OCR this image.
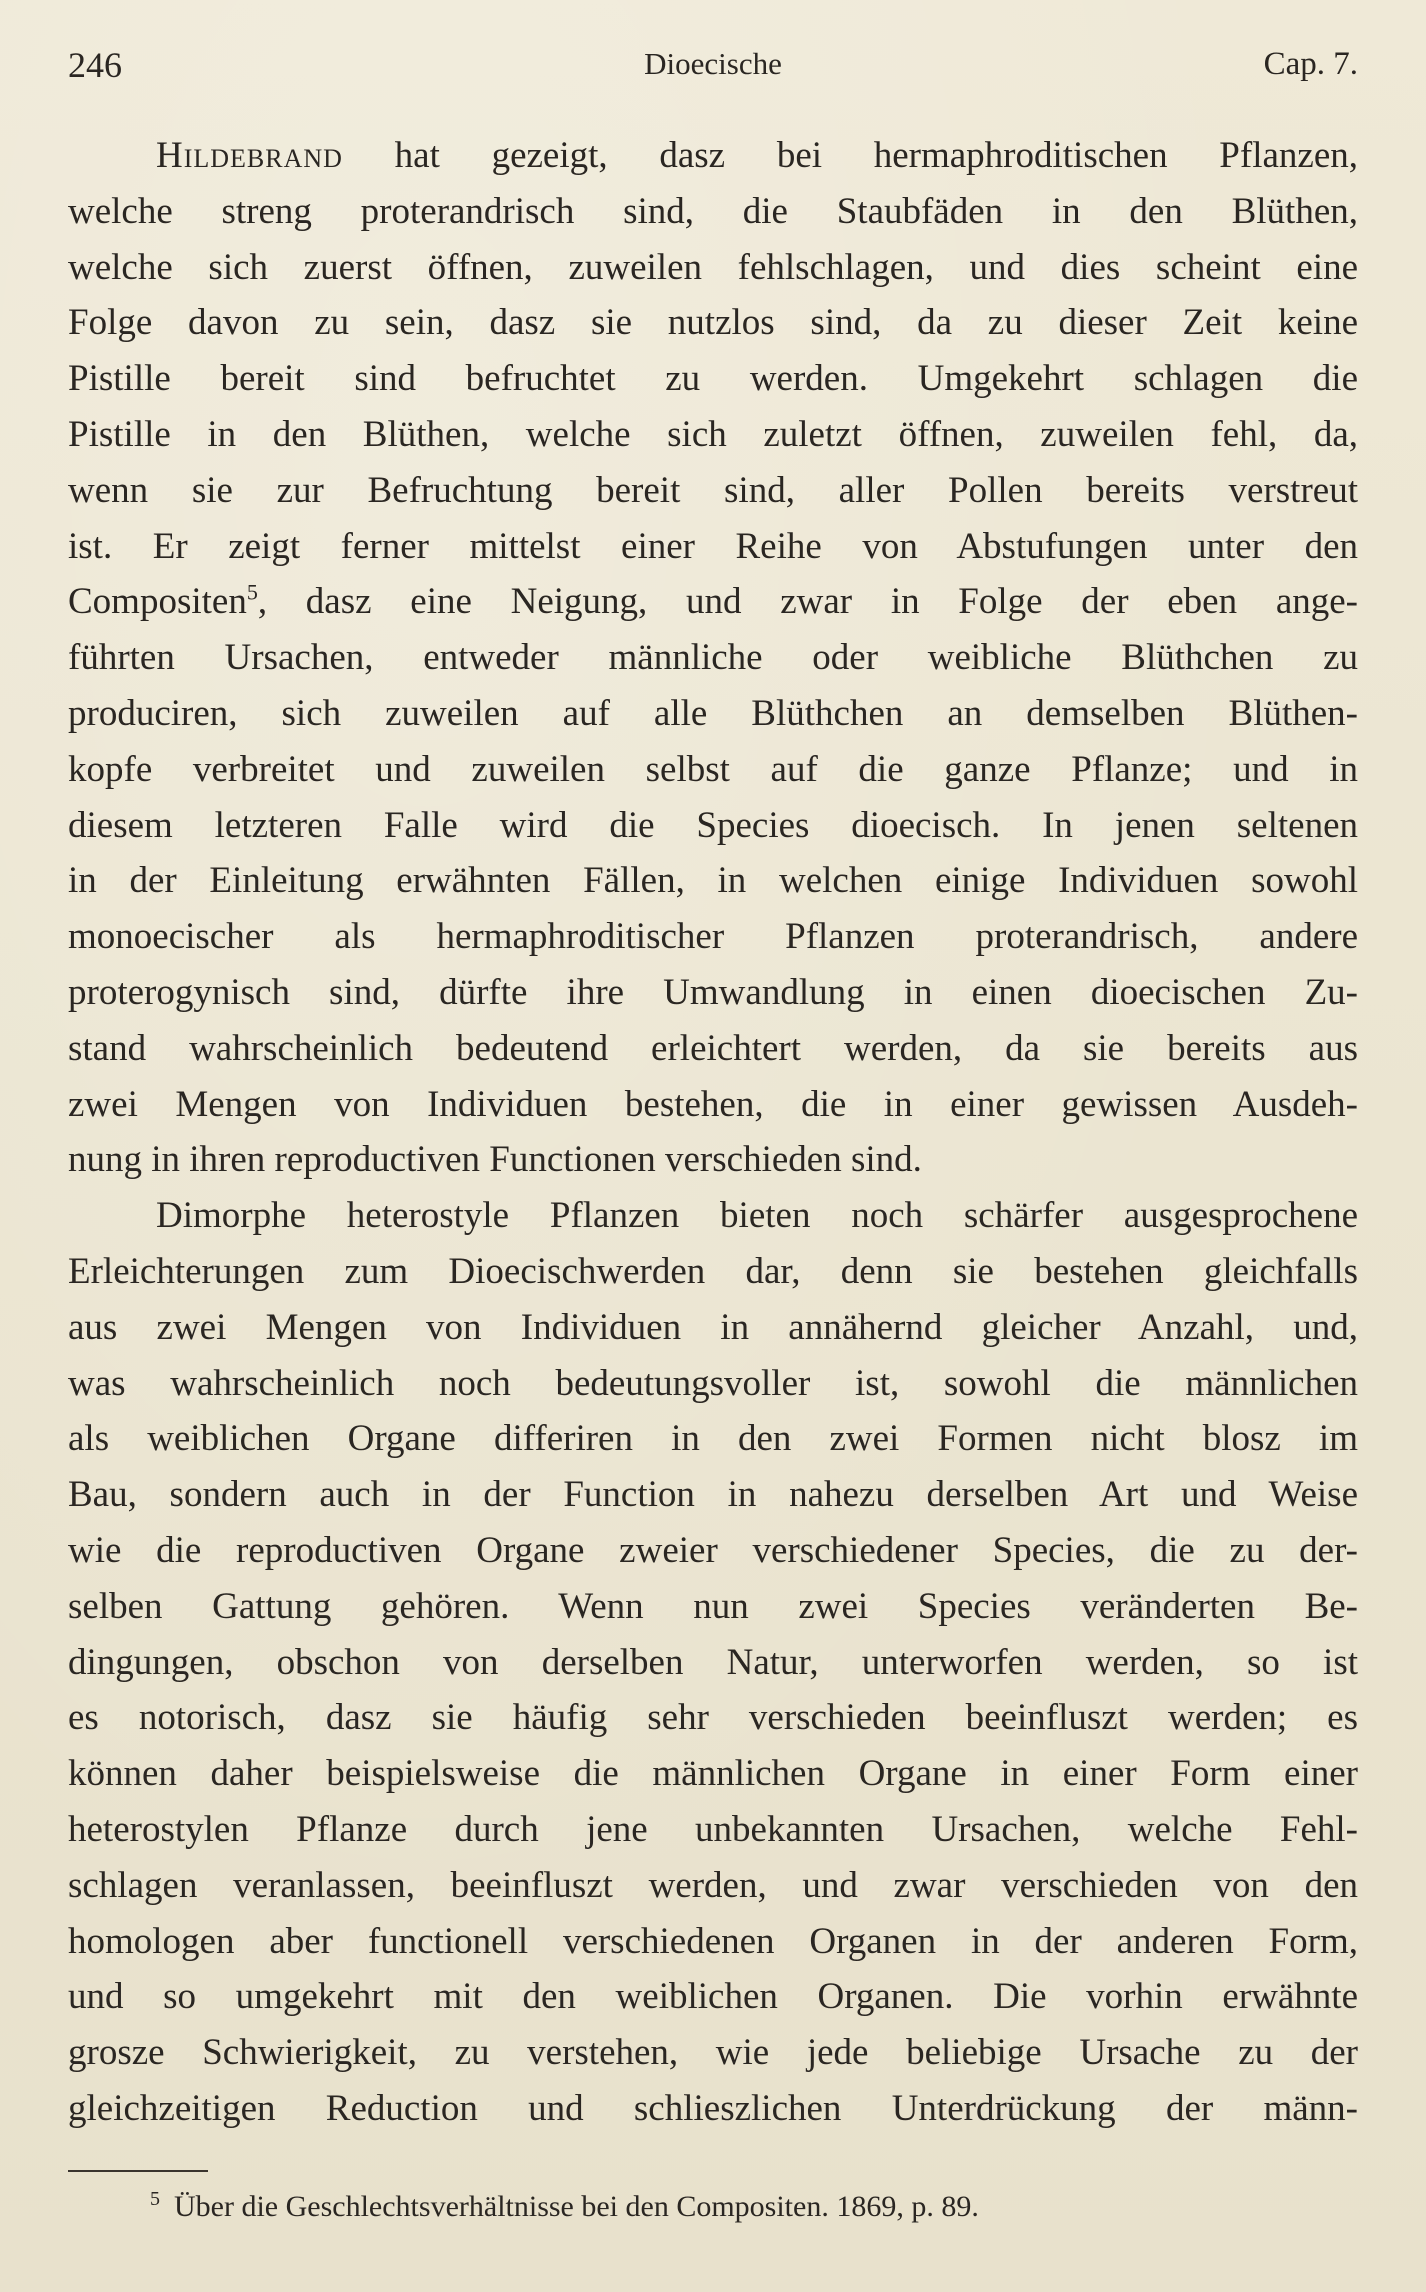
246	Dioecische	Cap. 7.
Hildebrand hat gezeigt, dasz bei hermaphroditischen Pflanzen,
welche streng proterandrisch sind, die Staubfäden in den Blüthen,
welche sich zuerst öffnen, zuweilen fehlschlagen, und dies scheint eine
Folge davon zu sein, dasz sie nutzlos sind, da zu dieser Zeit keine
Pistille bereit sind befruchtet zu werden. Umgekehrt schlagen die
Pistille in den Blüthen, welche sich zuletzt öffnen, zuweilen fehl, da,
wenn sie zur Befruchtung bereit sind, aller Pollen bereits verstreut
ist. Er zeigt ferner mittelst einer Reihe von Abstufungen unter den
Compositen$^5$, dasz eine Neigung, und zwar in Folge der eben ange-
führten Ursachen, entweder männliche oder weibliche Blüthchen zu
produciren, sich zuweilen auf alle Blüthchen an demselben Blüthen-
kopfe verbreitet und zuweilen selbst auf die ganze Pflanze; und in
diesem letzteren Falle wird die Species dioecisch. In jenen seltenen
in der Einleitung erwähnten Fällen, in welchen einige Individuen sowohl
monoecischer als hermaphroditischer Pflanzen proterandrisch, andere
proterogynisch sind, dürfte ihre Umwandlung in einen dioecischen Zu-
stand wahrscheinlich bedeutend erleichtert werden, da sie bereits aus
zwei Mengen von Individuen bestehen, die in einer gewissen Ausdeh-
nung in ihren reproductiven Functionen verschieden sind.
Dimorphe heterostyle Pflanzen bieten noch schärfer ausgesprochene
Erleichterungen zum Dioecischwerden dar, denn sie bestehen gleichfalls
aus zwei Mengen von Individuen in annähernd gleicher Anzahl, und,
was wahrscheinlich noch bedeutungsvoller ist, sowohl die männlichen
als weiblichen Organe differiren in den zwei Formen nicht blosz im
Bau, sondern auch in der Function in nahezu derselben Art und Weise
wie die reproductiven Organe zweier verschiedener Species, die zu der-
selben Gattung gehören. Wenn nun zwei Species veränderten Be-
dingungen, obschon von derselben Natur, unterworfen werden, so ist
es notorisch, dasz sie häufig sehr verschieden beeinfluszt werden; es
können daher beispielsweise die männlichen Organe in einer Form einer
heterostylen Pflanze durch jene unbekannten Ursachen, welche Fehl-
schlagen veranlassen, beeinfluszt werden, und zwar verschieden von den
homologen aber functionell verschiedenen Organen in der anderen Form,
und so umgekehrt mit den weiblichen Organen. Die vorhin erwähnte
grosze Schwierigkeit, zu verstehen, wie jede beliebige Ursache zu der
gleichzeitigen Reduction und schlieszlichen Unterdrückung der männ-
$^5$ Über die Geschlechtsverhältnisse bei den Compositen. 1869, p. 89.
